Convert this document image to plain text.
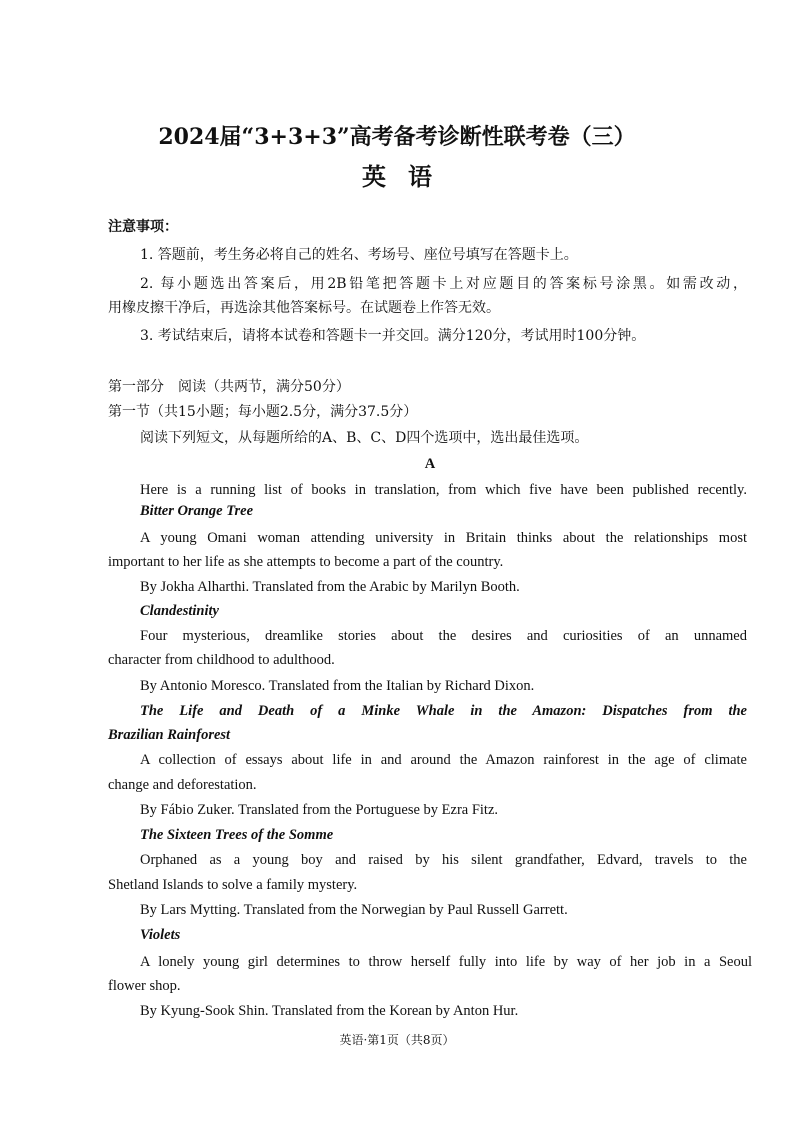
2024届“3+3+3”高考备考诊断性联考卷（三）
英语
注意事项：
1. 答题前，考生务必将自己的姓名、考场号、座位号填写在答题卡上。
2. 每小题选出答案后，用2B铅笔把答题卡上对应题目的答案标号涂黑。如需改动，
用橡皮擦干净后，再选涂其他答案标号。在试题卷上作答无效。
3. 考试结束后，请将本试卷和答题卡一并交回。满分120分，考试用时100分钟。
第一部分　阅读（共两节，满分50分）
第一节（共15小题；每小题2.5分，满分37.5分）
阅读下列短文，从每题所给的A、B、C、D四个选项中，选出最佳选项。
A
Here is a running list of books in translation, from which five have been published recently.
Bitter Orange Tree
A young Omani woman attending university in Britain thinks about the relationships most
important to her life as she attempts to become a part of the country.
By Jokha Alharthi. Translated from the Arabic by Marilyn Booth.
Clandestinity
Four mysterious, dreamlike stories about the desires and curiosities of an unnamed
character from childhood to adulthood.
By Antonio Moresco. Translated from the Italian by Richard Dixon.
The Life and Death of a Minke Whale in the Amazon: Dispatches from the
Brazilian Rainforest
A collection of essays about life in and around the Amazon rainforest in the age of climate
change and deforestation.
By Fábio Zuker. Translated from the Portuguese by Ezra Fitz.
The Sixteen Trees of the Somme
Orphaned as a young boy and raised by his silent grandfather, Edvard, travels to the
Shetland Islands to solve a family mystery.
By Lars Mytting. Translated from the Norwegian by Paul Russell Garrett.
Violets
A lonely young girl determines to throw herself fully into life by way of her job in a Seoul
flower shop.
By Kyung-Sook Shin. Translated from the Korean by Anton Hur.
英语·第1页（共8页）
